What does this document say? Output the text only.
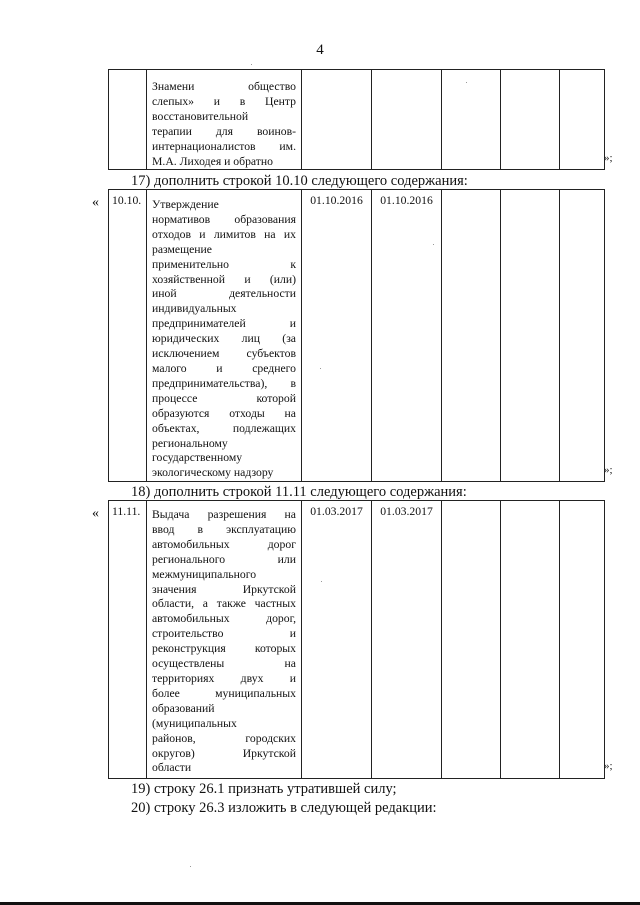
4

Знамени общество
слепых» и в Центр
восстановительной
терапии для воинов-
интернационалистов им.
М.А. Лиходея и обратно
						»;
17) дополнить строкой 10.10 следующего содержания:
« 10.10.	Утверждение
нормативов образования
отходов и лимитов на их
размещение
применительно к
хозяйственной и (или)
иной деятельности
индивидуальных
предпринимателей и
юридических лиц (за
исключением субъектов
малого и среднего
предпринимательства), в
процессе которой
образуются отходы на
объектах, подлежащих
региональному
государственному
экологическому надзору
	01.10.2016	01.10.2016			
»;
18) дополнить строкой 11.11 следующего содержания:
« 11.11.	Выдача разрешения на
ввод в эксплуатацию
автомобильных дорог
регионального или
межмуниципального
значения Иркутской
области, а также частных
автомобильных дорог,
строительство и
реконструкция которых
осуществлены на
территориях двух и
более муниципальных
образований
(муниципальных
районов, городских
округов) Иркутской
области
	01.03.2017	01.03.2017			
»;
19) строку 26.1 признать утратившей силу;
20) строку 26.3 изложить в следующей редакции:
